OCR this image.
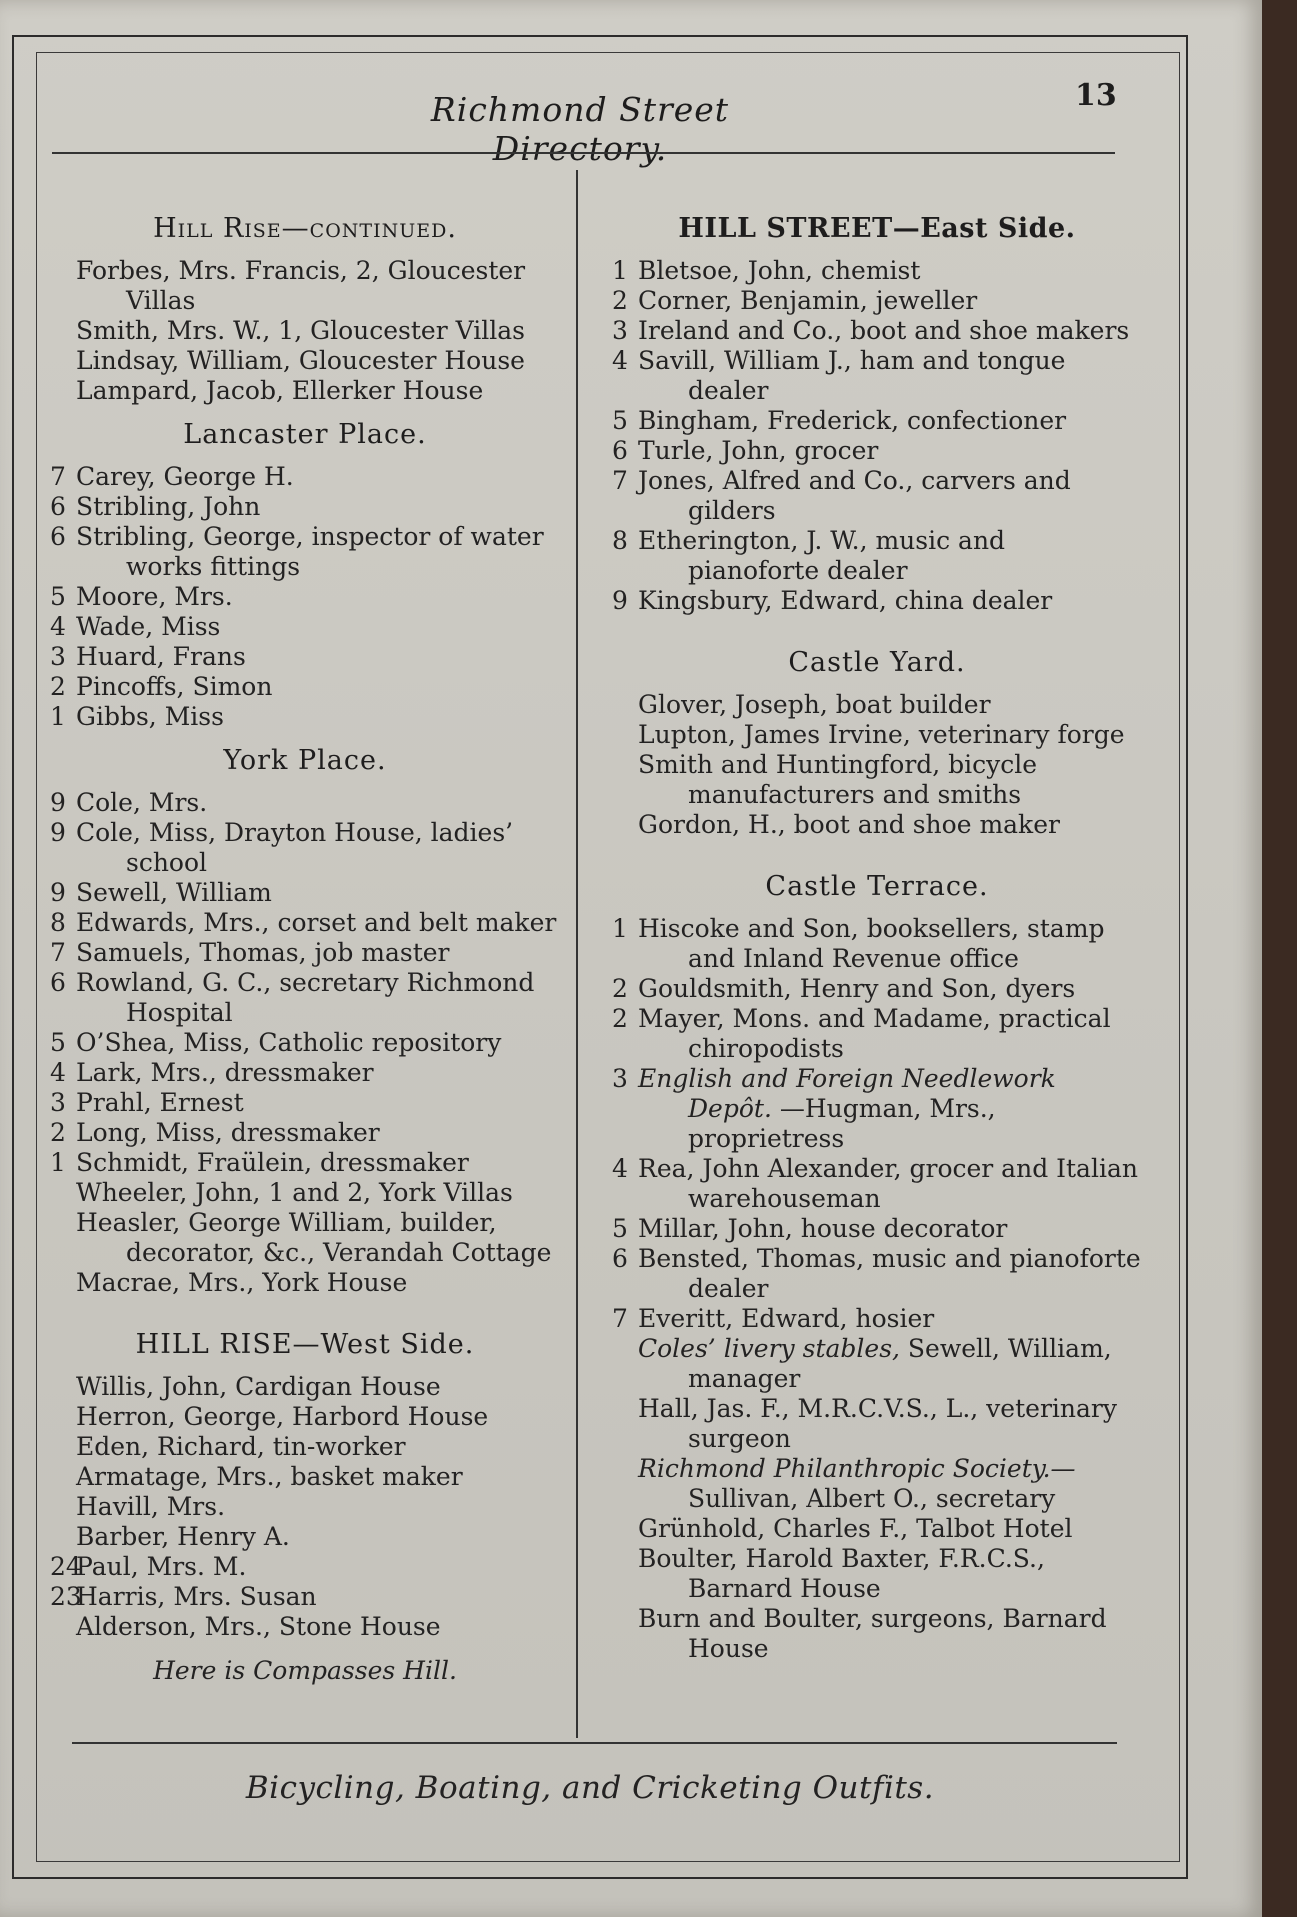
Richmond Street Directory.
13
Hill Rise—continued.
Forbes, Mrs. Francis, 2, Gloucester Villas
Smith, Mrs. W., 1, Gloucester Villas
Lindsay, William, Gloucester House
Lampard, Jacob, Ellerker House
Lancaster Place.
7 Carey, George H.
6 Stribling, John
6 Stribling, George, inspector of water works fittings
5 Moore, Mrs.
4 Wade, Miss
3 Huard, Frans
2 Pincoffs, Simon
1 Gibbs, Miss
York Place.
9 Cole, Mrs.
9 Cole, Miss, Drayton House, ladies’ school
9 Sewell, William
8 Edwards, Mrs., corset and belt maker
7 Samuels, Thomas, job master
6 Rowland, G. C., secretary Richmond Hospital
5 O’Shea, Miss, Catholic repository
4 Lark, Mrs., dressmaker
3 Prahl, Ernest
2 Long, Miss, dressmaker
1 Schmidt, Fraülein, dressmaker
Wheeler, John, 1 and 2, York Villas
Heasler, George William, builder, decorator, &c., Verandah Cottage
Macrae, Mrs., York House
HILL RISE—West Side.
Willis, John, Cardigan House
Herron, George, Harbord House
Eden, Richard, tin-worker
Armatage, Mrs., basket maker
Havill, Mrs.
Barber, Henry A.
24
Paul, Mrs. M.
23
Harris, Mrs. Susan
Alderson, Mrs., Stone House
Here is Compasses Hill.
HILL STREET—East Side.
1 Bletsoe, John, chemist
2 Corner, Benjamin, jeweller
3 Ireland and Co., boot and shoe makers
4 Savill, William J., ham and tongue dealer
5 Bingham, Frederick, confectioner
6 Turle, John, grocer
7 Jones, Alfred and Co., carvers and gilders
8 Etherington, J. W., music and pianoforte dealer
9 Kingsbury, Edward, china dealer
Castle Yard.
Glover, Joseph, boat builder
Lupton, James Irvine, veterinary forge
Smith and Huntingford, bicycle manufacturers and smiths
Gordon, H., boot and shoe maker
Castle Terrace.
1 Hiscoke and Son, booksellers, stamp and Inland Revenue office
2 Gouldsmith, Henry and Son, dyers
2 Mayer, Mons. and Madame, practical chiropodists
3 English and Foreign Needlework Depôt. —Hugman, Mrs., proprietress
4 Rea, John Alexander, grocer and Italian warehouseman
5 Millar, John, house decorator
6 Bensted, Thomas, music and pianoforte dealer
7 Everitt, Edward, hosier
Coles’ livery stables, Sewell, William, manager
Hall, Jas. F., M.R.C.V.S., L., veterinary surgeon
Richmond Philanthropic Society.— Sullivan, Albert O., secretary
Grünhold, Charles F., Talbot Hotel
Boulter, Harold Baxter, F.R.C.S., Barnard House
Burn and Boulter, surgeons, Barnard House
Bicycling, Boating, and Cricketing Outfits.
